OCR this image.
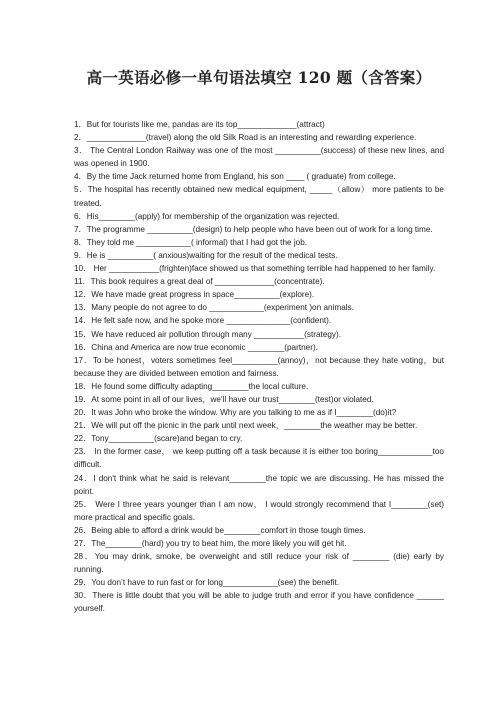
高一英语必修一单句语法填空 120 题（含答案）

1．But for tourists like me, pandas are its top_____________(attract)

2．_____________(travel) along the old Silk Road is an interesting and rewarding experience.

3． The Central London Railway was one of the most __________(success) of these new lines, and was opened in 1900.

4．By the time Jack returned home from England, his son ____ ( graduate) from college.

5．The hospital has recently obtained new medical equipment, _____（allow） more patients to be treated.

6．His________(apply) for membership of the organization was rejected.

7．The programme __________(design) to help people who have been out of work for a long time.

8．They told me ____________( informal) that I had got the job.

9．He is __________( anxious)waiting for the result of the medical tests.

10． Her ___________(frighten)face showed us that something terrible had happened to her family.

11．This book requires a great deal of _____________(concentrate).

12．We have made great progress in space__________(explore).

13．Many people do not agree to do ____________(experiment )on animals.

14．He felt safe now, and he spoke more ______________(confident).

15．We have reduced air pollution through many ___________(strategy).

16．China and America are now true economic ________(partner).

17．To be honest，voters sometimes feel__________(annoy)，not because they hate voting，but because they are divided between emotion and fairness.

18．He found some difficulty adapting________the local culture.

19．At some point in all of our lives，we'll have our trust________(test)or violated.

20．It was John who broke the window. Why are you talking to me as if I________(do)it?

21．We will put off the picnic in the park until next week，________the weather may be better.

22．Tony__________(scare)and began to cry.

23． In the former case， we keep putting off a task because it is either too boring____________too difficult.

24．I don't think what he said is relevant________the topic we are discussing. He has missed the point.

25． Were I three years younger than I am now， I would strongly recommend that I________(set) more practical and specific goals.

26．Being able to afford a drink would be________comfort in those tough times.

27．The________(hard) you try to beat him, the more likely you will get hit.

28．You may drink, smoke, be overweight and still reduce your risk of ________ (die) early by running.

29．You don’t have to run fast or for long____________(see) the benefit.

30．There is little doubt that you will be able to judge truth and error if you have confidence ______ yourself.
